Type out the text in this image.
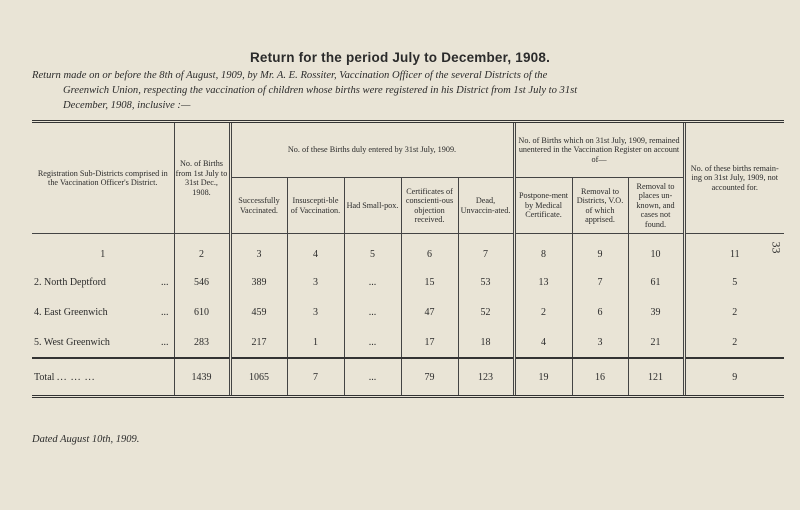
Return for the period July to December, 1908.
Return made on or before the 8th of August, 1909, by Mr. A. E. Rossiter, Vaccination Officer of the several Districts of the
Greenwich Union, respecting the vaccination of children whose births were registered in his District from 1st July to 31st
December, 1908, inclusive :—
33
Registration Sub-Districts comprised in the Vaccination Officer's District.	No. of Births from 1st July to 31st Dec., 1908.	No. of these Births duly entered by 31st July, 1909.					No. of Births which on 31st July, 1909, remained unentered in the Vaccination Register on account of—			No. of these births remain-ing on 31st July, 1909, not accounted for.
		Successfully Vaccinated.	Insuscepti-ble of Vaccination.	Had Small-pox.	Certificates of conscienti-ous objection received.	Dead, Unvaccin-ated.	Postpone-ment by Medical Certificate.	Removal to Districts, V.O. of which apprised.	Removal to places un-known, and cases not found.	
1	2	3	4	5	6	7	8	9	10	11
2. North Deptford ...	546	389	3	...	15	53	13	7	61	5
4. East Greenwich ...	610	459	3	...	47	52	2	6	39	2
5. West Greenwich ...	283	217	1	...	17	18	4	3	21	2
Total ... ... ...	1439	1065	7	...	79	123	19	16	121	9
Dated August 10th, 1909.
